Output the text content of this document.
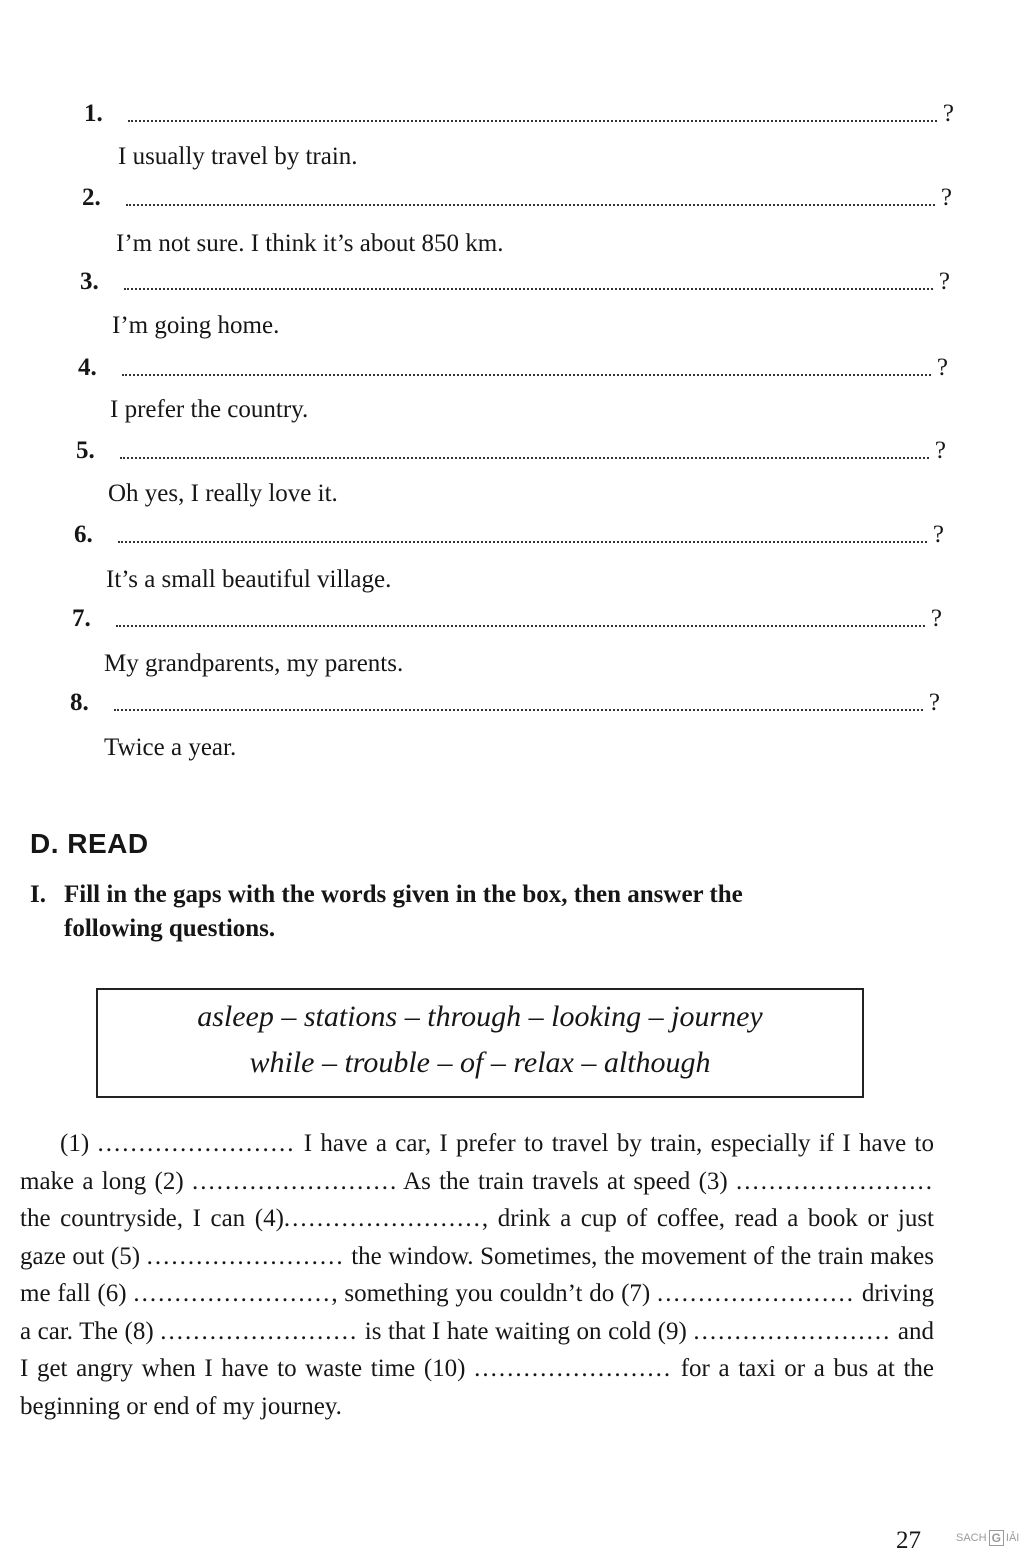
1.	?
I usually travel by train.
2.	?
I’m not sure. I think it’s about 850 km.
3.	?
I’m going home.
4.	?
I prefer the country.
5.	?
Oh yes, I really love it.
6.	?
It’s a small beautiful village.
7.	?
My grandparents, my parents.
8.	?
Twice a year.
D. READ
I. Fill in the gaps with the words given in the box, then answer the
following questions.
asleep – stations – through – looking – journey
while – trouble – of – relax – although

(1) ........................ I have a car, I prefer to travel by train, especially if I have to make a long (2) ......................... As the train travels at speed (3) ........................ the countryside, I can (4)........................, drink a cup of coffee, read a book or just gaze out (5) ........................ the window. Sometimes, the movement of the train makes me fall (6) ........................, something you couldn’t do (7) ........................ driving a car. The (8) ........................ is that I hate waiting on cold (9) ........................ and I get angry when I have to waste time (10) ........................ for a taxi or a bus at the beginning or end of my journey.

27	SACH G IẢI
